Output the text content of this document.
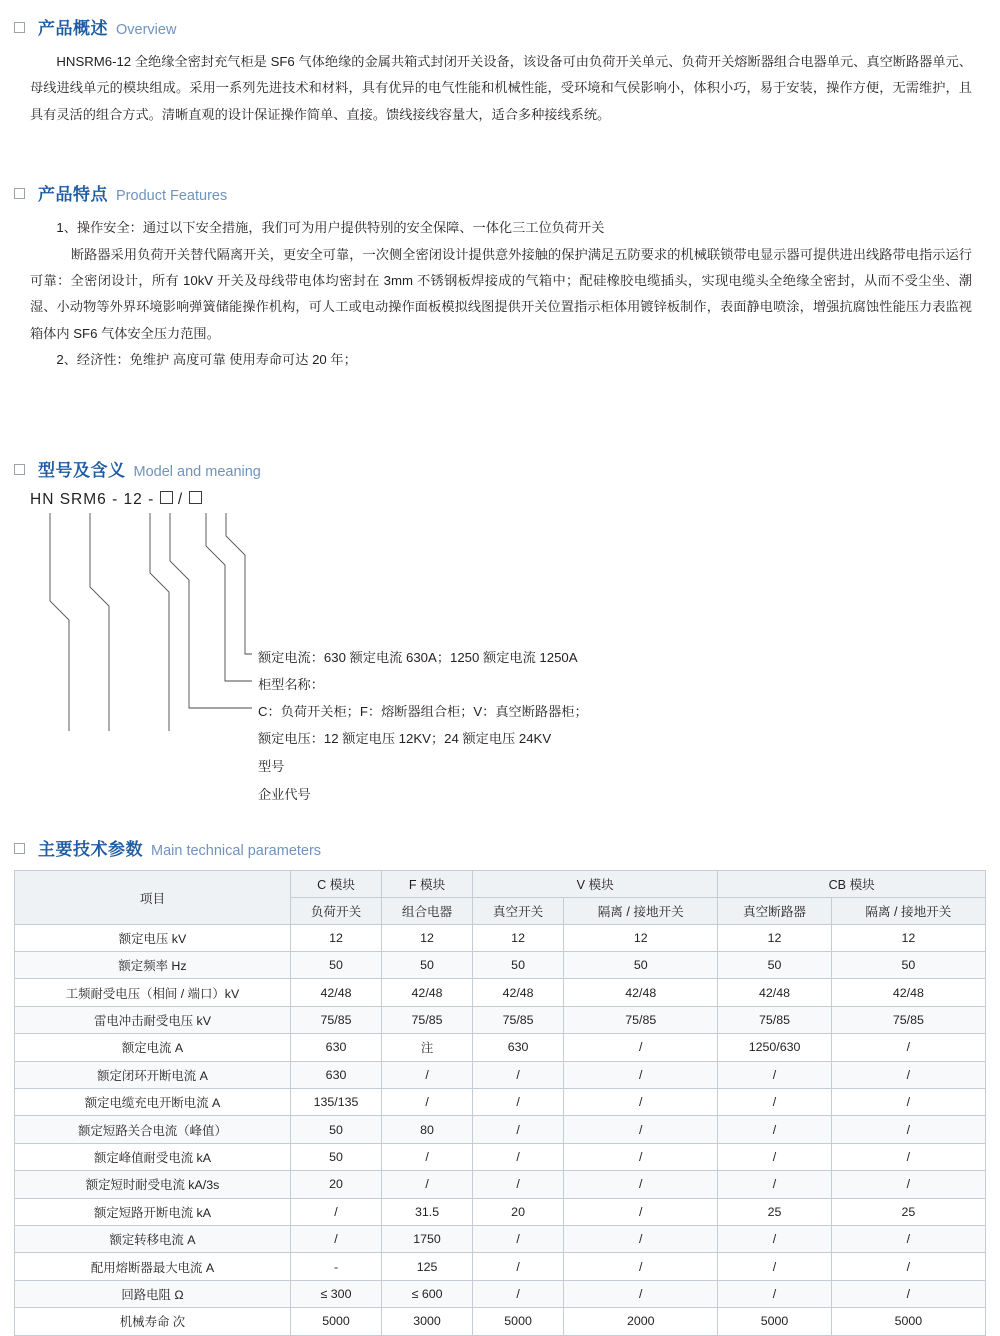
产品概述 Overview

HNSRM6-12 全绝缘全密封充气柜是 SF6 气体绝缘的金属共箱式封闭开关设备，该设备可由负荷开关单元、负荷开关熔断器组合电器单元、真空断路器单元、母线进线单元的模块组成。采用一系列先进技术和材料，具有优异的电气性能和机械性能，受环境和气侯影响小，体积小巧，易于安装，操作方便，无需维护，且具有灵活的组合方式。清晰直观的设计保证操作简单、直接。馈线接线容量大，适合多种接线系统。

产品特点 Product Features

1、操作安全：通过以下安全措施，我们可为用户提供特别的安全保障、一体化三工位负荷开关

断路器采用负荷开关替代隔离开关，更安全可靠，一次侧全密闭设计提供意外接触的保护满足五防要求的机械联锁带电显示器可提供进出线路带电指示运行可靠：全密闭设计，所有 10kV 开关及母线带电体均密封在 3mm 不锈钢板焊接成的气箱中；配硅橡胶电缆插头，实现电缆头全绝缘全密封，从而不受尘坐、潮湿、小动物等外界环境影响弹簧储能操作机构，可人工或电动操作面板模拟线图提供开关位置指示柜体用镀锌板制作，表面静电喷涂，增强抗腐蚀性能压力表监视箱体内 SF6 气体安全压力范围。

2、经济性：免维护 高度可靠 使用寿命可达 20 年；

型号及含义 Model and meaning
HN SRM6 - 12 -  /
额定电流：630 额定电流 630A；1250 额定电流 1250A
柜型名称：
C：负荷开关柜；F：熔断器组合柜；V：真空断路器柜；
额定电压：12 额定电压 12KV；24 额定电压 24KV
型号
企业代号
主要技术参数 Main technical parameters
项目	C 模块	F 模块	V 模块		CB 模块	
	负荷开关	组合电器	真空开关	隔离 / 接地开关	真空断路器	隔离 / 接地开关
额定电压 kV	12	12	12	12	12	12
额定频率 Hz	50	50	50	50	50	50
工频耐受电压（相间 / 端口）kV	42/48	42/48	42/48	42/48	42/48	42/48
雷电冲击耐受电压 kV	75/85	75/85	75/85	75/85	75/85	75/85
额定电流 A	630	注	630	/	1250/630	/
额定闭环开断电流 A	630	/	/	/	/	/
额定电缆充电开断电流 A	135/135	/	/	/	/	/
额定短路关合电流（峰值）	50	80	/	/	/	/
额定峰值耐受电流 kA	50	/	/	/	/	/
额定短时耐受电流 kA/3s	20	/	/	/	/	/
额定短路开断电流 kA	/	31.5	20	/	25	25
额定转移电流 A	/	1750	/	/	/	/
配用熔断器最大电流 A	-	125	/	/	/	/
回路电阻 Ω	≤ 300	≤ 600	/	/	/	/
机械寿命 次	5000	3000	5000	2000	5000	5000
